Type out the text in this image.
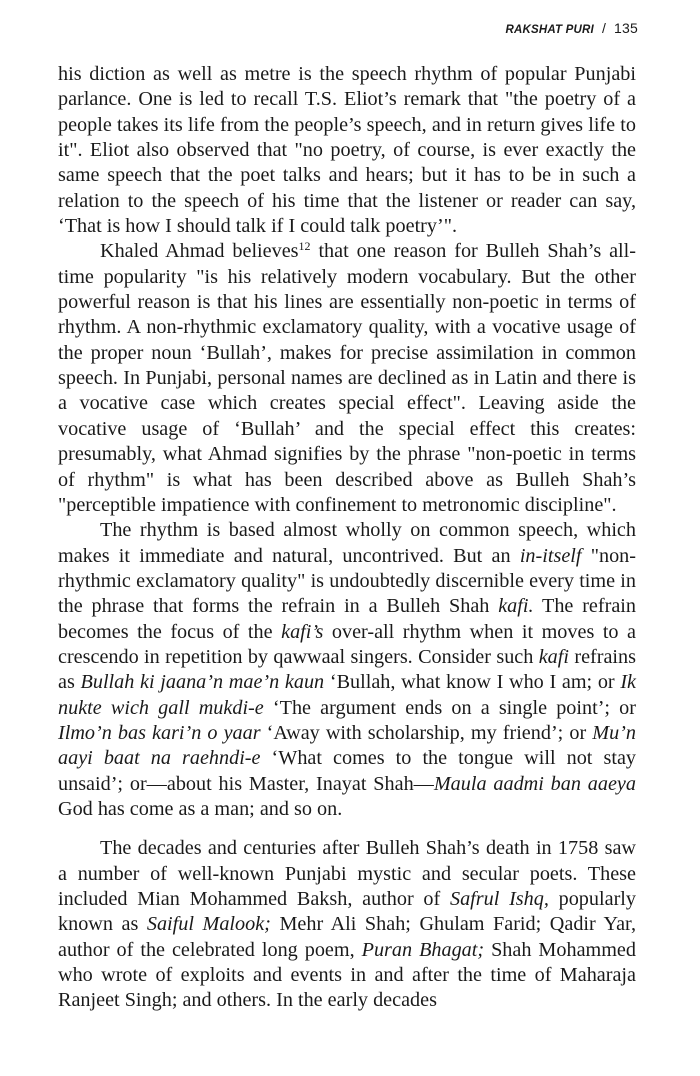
RAKSHAT PURI / 135

his diction as well as metre is the speech rhythm of popular Punjabi parlance. One is led to recall T.S. Eliot’s remark that "the poetry of a people takes its life from the people’s speech, and in return gives life to it". Eliot also observed that "no poetry, of course, is ever exactly the same speech that the poet talks and hears; but it has to be in such a relation to the speech of his time that the listener or reader can say, ‘That is how I should talk if I could talk poetry’".

Khaled Ahmad believes$^{12}$ that one reason for Bulleh Shah’s all- time popularity "is his relatively modern vocabulary. But the other powerful reason is that his lines are essentially non-poetic in terms of rhythm. A non-rhythmic exclamatory quality, with a vocative usage of the proper noun ‘Bullah’, makes for precise assimilation in common speech. In Punjabi, personal names are declined as in Latin and there is a vocative case which creates special effect". Leaving aside the vocative usage of ‘Bullah’ and the special effect this creates: presumably, what Ahmad signifies by the phrase "non-poetic in terms of rhythm" is what has been described above as Bulleh Shah’s "perceptible impatience with confinement to metronomic discipline".

The rhythm is based almost wholly on common speech, which makes it immediate and natural, uncontrived. But an in-itself "non- rhythmic exclamatory quality" is undoubtedly discernible every time in the phrase that forms the refrain in a Bulleh Shah kafi. The refrain becomes the focus of the kafi’s over-all rhythm when it moves to a crescendo in repetition by qawwaal singers. Consider such kafi refrains as Bullah ki jaana’n mae’n kaun ‘Bullah, what know I who I am; or Ik nukte wich gall mukdi-e ‘The argument ends on a single point’; or Ilmo’n bas kari’n o yaar ‘Away with scholarship, my friend’; or Mu’n aayi baat na raehndi-e ‘What comes to the tongue will not stay unsaid’; or—about his Master, Inayat Shah—Maula aadmi ban aaeya God has come as a man; and so on.

The decades and centuries after Bulleh Shah’s death in 1758 saw a number of well-known Punjabi mystic and secular poets. These included Mian Mohammed Baksh, author of Safrul Ishq, popularly known as Saiful Malook; Mehr Ali Shah; Ghulam Farid; Qadir Yar, author of the celebrated long poem, Puran Bhagat; Shah Mohammed who wrote of exploits and events in and after the time of Maharaja Ranjeet Singh; and others. In the early decades
